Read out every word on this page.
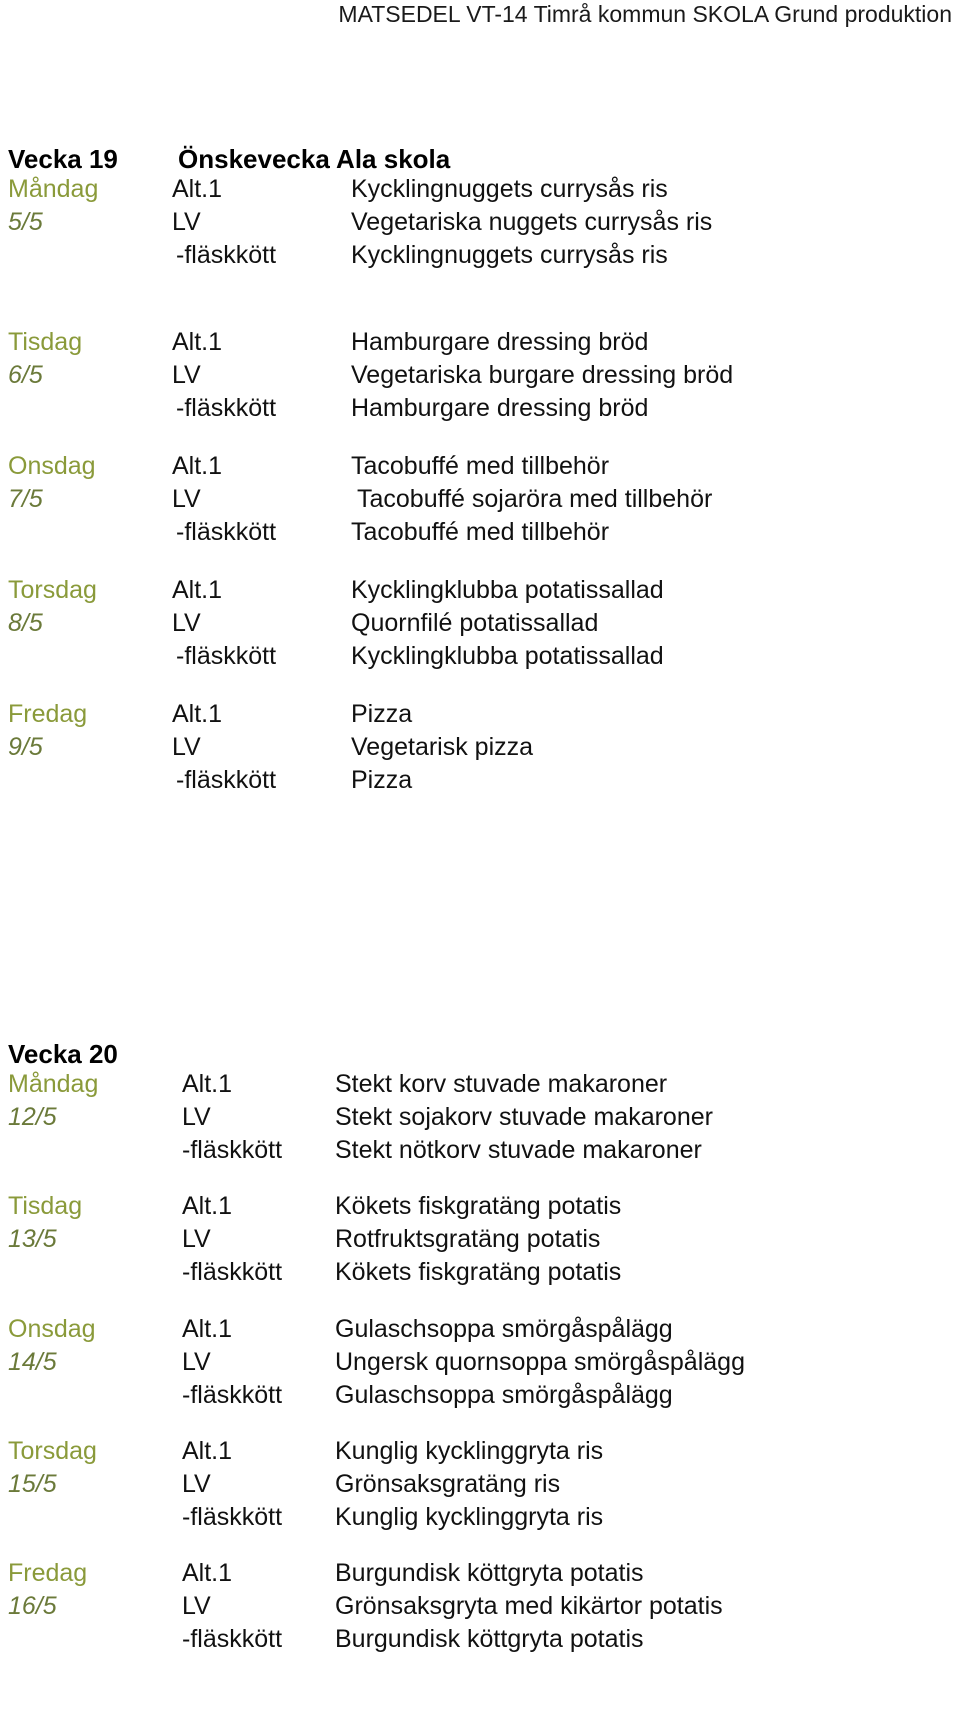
MATSEDEL VT-14 Timrå kommun SKOLA Grund produktion
Vecka 19 Önskevecka Ala skola
Måndag	Alt.1	Kycklingnuggets currysås ris
5/5	LV	Vegetariska nuggets currysås ris
-fläskkött	Kycklingnuggets currysås ris
Tisdag	Alt.1	Hamburgare dressing bröd
6/5	LV	Vegetariska burgare dressing bröd
-fläskkött	Hamburgare dressing bröd
Onsdag	Alt.1	Tacobuffé med tillbehör
7/5	LV	Tacobuffé sojaröra med tillbehör
-fläskkött	Tacobuffé med tillbehör
Torsdag	Alt.1	Kycklingklubba potatissallad
8/5	LV	Quornfilé potatissallad
-fläskkött	Kycklingklubba potatissallad
Fredag	Alt.1	Pizza
9/5	LV	Vegetarisk pizza
-fläskkött	Pizza
Vecka 20
Måndag	Alt.1	Stekt korv stuvade makaroner
12/5	LV	Stekt sojakorv stuvade makaroner
-fläskkött Stekt nötkorv stuvade makaroner
Tisdag	Alt.1	Kökets fiskgratäng potatis
13/5	LV	Rotfruktsgratäng potatis
-fläskkött Kökets fiskgratäng potatis
Onsdag	Alt.1	Gulaschsoppa smörgåspålägg
14/5	LV	Ungersk quornsoppa smörgåspålägg
-fläskkött Gulaschsoppa smörgåspålägg
Torsdag	Alt.1	Kunglig kycklinggryta ris
15/5	LV	Grönsaksgratäng ris
-fläskkött Kunglig kycklinggryta ris
Fredag	Alt.1	Burgundisk köttgryta potatis
16/5	LV	Grönsaksgryta med kikärtor potatis
-fläskkött Burgundisk köttgryta potatis
